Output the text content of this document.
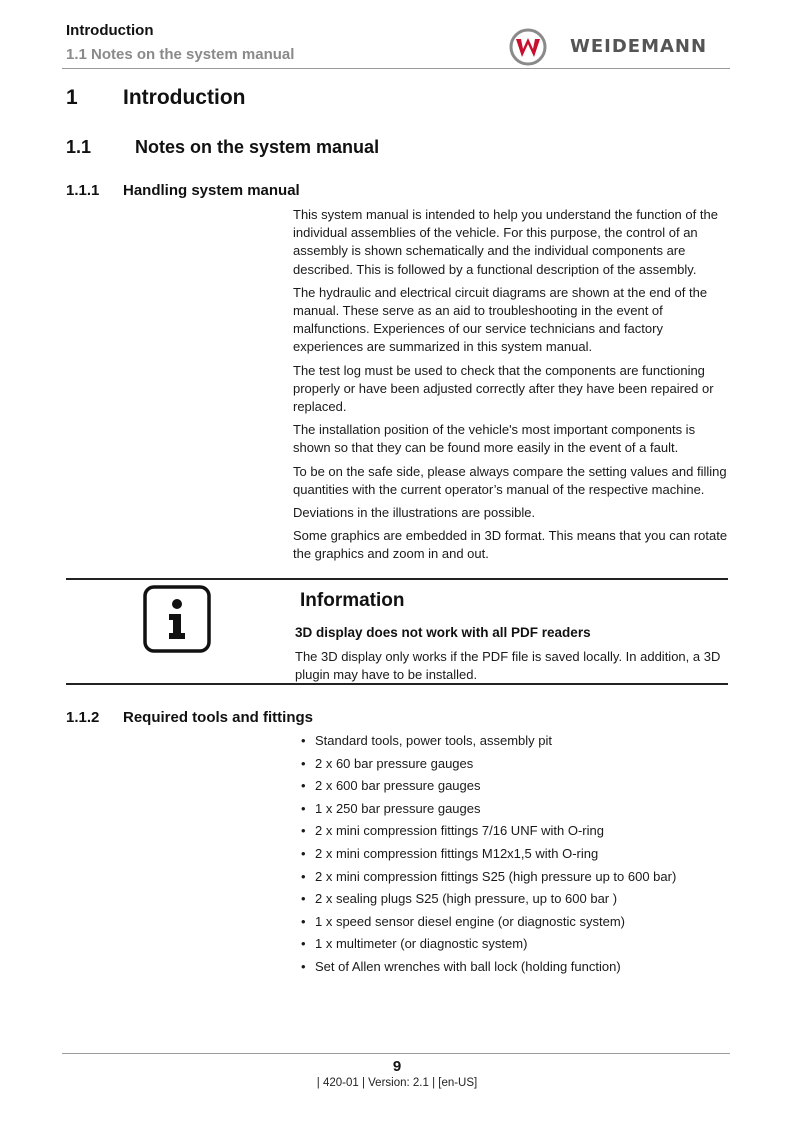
Introduction
1.1 Notes on the system manual	WEIDEMANN
1 Introduction
1.1 Notes on the system manual
1.1.1 Handling system manual

This system manual is intended to help you understand the function of the individual assemblies of the vehicle. For this purpose, the control of an assembly is shown schematically and the individual components are described. This is followed by a functional description of the assembly.

The hydraulic and electrical circuit diagrams are shown at the end of the manual. These serve as an aid to troubleshooting in the event of malfunctions. Experiences of our service technicians and factory experiences are summarized in this system manual.

The test log must be used to check that the components are functioning properly or have been adjusted correctly after they have been repaired or replaced.

The installation position of the vehicle's most important components is shown so that they can be found more easily in the event of a fault.

To be on the safe side, please always compare the setting values and filling quantities with the current operator’s manual of the respective machine.

Deviations in the illustrations are possible.

Some graphics are embedded in 3D format. This means that you can rotate the graphics and zoom in and out.

Information
3D display does not work with all PDF readers
The 3D display only works if the PDF file is saved locally. In addition, a 3D plugin may have to be installed.
1.1.2 Required tools and fittings
• Standard tools, power tools, assembly pit
• 2 x 60 bar pressure gauges
• 2 x 600 bar pressure gauges
• 1 x 250 bar pressure gauges
• 2 x mini compression fittings 7/16 UNF with O-ring
• 2 x mini compression fittings M12x1,5 with O-ring
• 2 x mini compression fittings S25 (high pressure up to 600 bar)
• 2 x sealing plugs S25 (high pressure, up to 600 bar )
• 1 x speed sensor diesel engine (or diagnostic system)
• 1 x multimeter (or diagnostic system)
• Set of Allen wrenches with ball lock (holding function)
9
| 420-01 | Version: 2.1 | [en-US]
